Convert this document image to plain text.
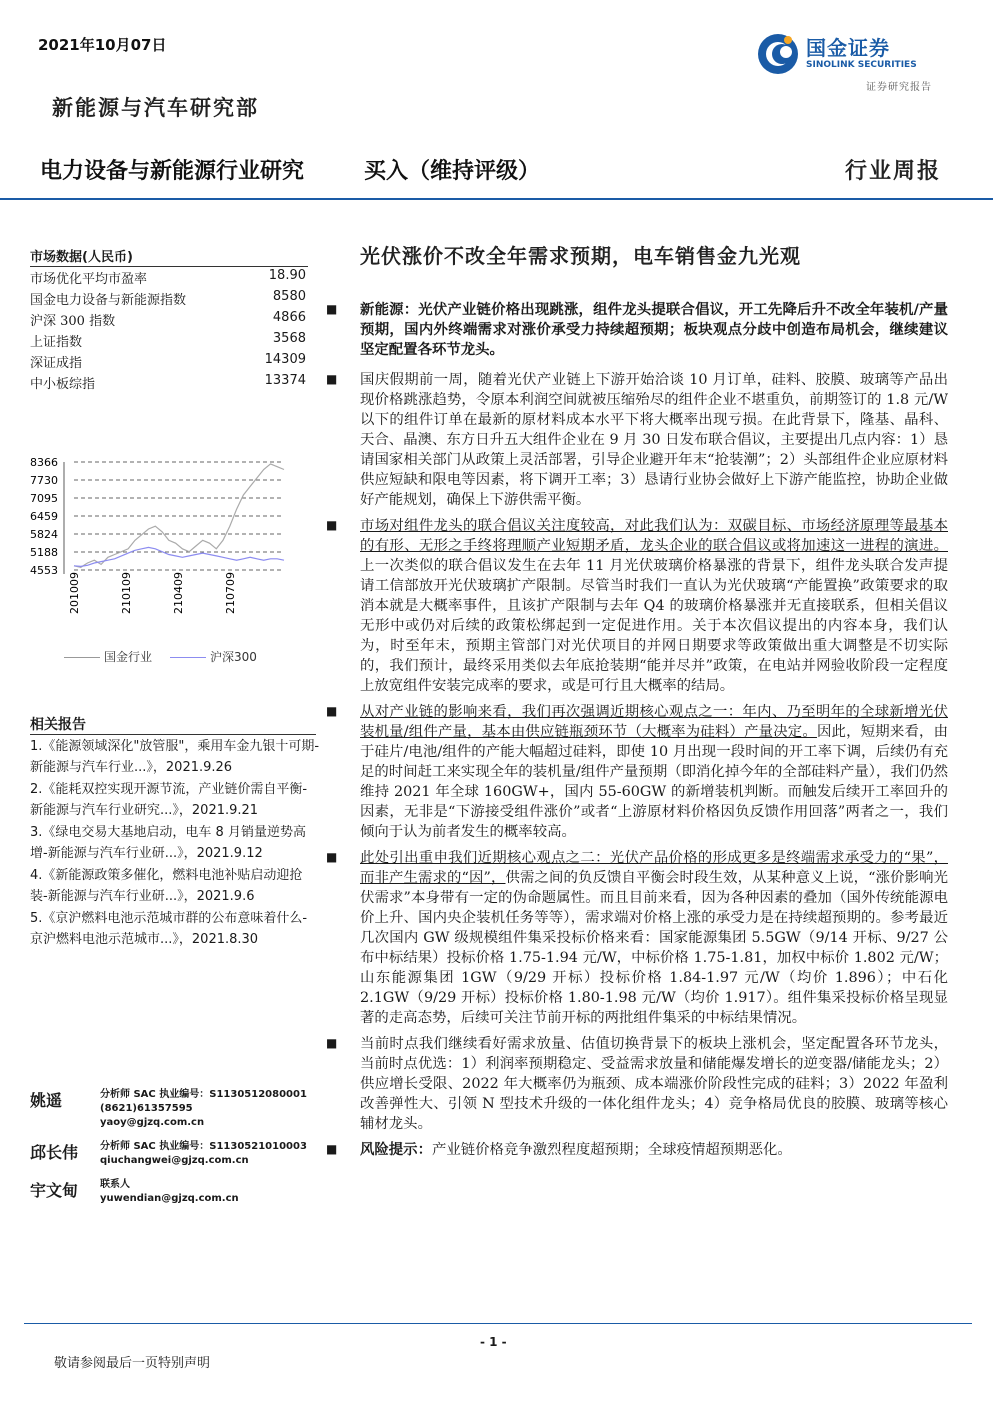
2021年10月07日	国金证券
SINOLINK SECURITIES
证券研究报告
新能源与汽车研究部
电力设备与新能源行业研究	买入（维持评级）	行业周报
市场数据(人民币)
市场优化平均市盈率	18.90
国金电力设备与新能源指数	8580
沪深 300 指数	4866
上证指数	3568
深证成指	14309
中小板综指	13374
8366
7730
7095
6459
5824
5188
4553
201009	210109	210409	210709
国金行业	沪深300
相关报告
1.《能源领域深化"放管服"，乘用车金九银十可期-新能源与汽车行业...》，2021.9.26
2.《能耗双控实现开源节流，产业链价需自平衡-新能源与汽车行业研究...》，2021.9.21
3.《绿电交易大基地启动，电车 8 月销量逆势高增-新能源与汽车行业研...》，2021.9.12
4.《新能源政策多催化，燃料电池补贴启动迎抢装-新能源与汽车行业研...》，2021.9.6
5.《京沪燃料电池示范城市群的公布意味着什么-京沪燃料电池示范城市...》，2021.8.30
姚遥	分析师 SAC 执业编号：S1130512080001
(8621)61357595
yaoy@gjzq.com.cn
邱长伟	分析师 SAC 执业编号：S1130521010003
qiuchangwei@gjzq.com.cn
宇文甸	联系人
yuwendian@gjzq.com.cn
光伏涨价不改全年需求预期，电车销售金九光观
■	新能源：光伏产业链价格出现跳涨，组件龙头提联合倡议，开工先降后升不改全年装机/产量预期，国内外终端需求对涨价承受力持续超预期；板块观点分歧中创造布局机会，继续建议坚定配置各环节龙头。
■	国庆假期前一周，随着光伏产业链上下游开始洽谈 10 月订单，硅料、胶膜、玻璃等产品出现价格跳涨趋势，令原本利润空间就被压缩殆尽的组件企业不堪重负，前期签订的 1.8 元/W 以下的组件订单在最新的原材料成本水平下将大概率出现亏损。在此背景下，隆基、晶科、天合、晶澳、东方日升五大组件企业在 9 月 30 日发布联合倡议，主要提出几点内容：1）恳请国家相关部门从政策上灵活部署，引导企业避开年末“抢装潮”；2）头部组件企业应原材料供应短缺和限电等因素，将下调开工率；3）恳请行业协会做好上下游产能监控，协助企业做好产能规划，确保上下游供需平衡。
■	市场对组件龙头的联合倡议关注度较高，对此我们认为：双碳目标、市场经济原理等最基本的有形、无形之手终将理顺产业短期矛盾，龙头企业的联合倡议或将加速这一进程的演进。上一次类似的联合倡议发生在去年 11 月光伏玻璃价格暴涨的背景下，组件龙头联合发声提请工信部放开光伏玻璃扩产限制。尽管当时我们一直认为光伏玻璃“产能置换”政策要求的取消本就是大概率事件，且该扩产限制与去年 Q4 的玻璃价格暴涨并无直接联系，但相关倡议无形中或仍对后续的政策松绑起到一定促进作用。关于本次倡议提出的内容本身，我们认为，时至年末，预期主管部门对光伏项目的并网日期要求等政策做出重大调整是不切实际的，我们预计，最终采用类似去年底抢装期“能并尽并”政策，在电站并网验收阶段一定程度上放宽组件安装完成率的要求，或是可行且大概率的结局。
■	从对产业链的影响来看，我们再次强调近期核心观点之一：年内、乃至明年的全球新增光伏装机量/组件产量，基本由供应链瓶颈环节（大概率为硅料）产量决定。因此，短期来看，由于硅片/电池/组件的产能大幅超过硅料，即使 10 月出现一段时间的开工率下调，后续仍有充足的时间赶工来实现全年的装机量/组件产量预期（即消化掉今年的全部硅料产量），我们仍然维持 2021 年全球 160GW+，国内 55-60GW 的新增装机判断。而触发后续开工率回升的因素，无非是“下游接受组件涨价”或者“上游原材料价格因负反馈作用回落”两者之一，我们倾向于认为前者发生的概率较高。
■	此处引出重申我们近期核心观点之二：光伏产品价格的形成更多是终端需求承受力的“果”，而非产生需求的“因”，供需之间的负反馈自平衡会时段生效，从某种意义上说，“涨价影响光伏需求”本身带有一定的伪命题属性。而且目前来看，因为各种因素的叠加（国外传统能源电价上升、国内央企装机任务等等），需求端对价格上涨的承受力是在持续超预期的。参考最近几次国内 GW 级规模组件集采投标价格来看：国家能源集团 5.5GW（9/14 开标、9/27 公布中标结果）投标价格 1.75-1.94 元/W，中标价格 1.75-1.81，加权中标价 1.802 元/W；山东能源集团 1GW（9/29 开标）投标价格 1.84-1.97 元/W（均价 1.896）；中石化 2.1GW（9/29 开标）投标价格 1.80-1.98 元/W（均价 1.917）。组件集采投标价格呈现显著的走高态势，后续可关注节前开标的两批组件集采的中标结果情况。
■	当前时点我们继续看好需求放量、估值切换背景下的板块上涨机会，坚定配置各环节龙头，当前时点优选：1）利润率预期稳定、受益需求放量和储能爆发增长的逆变器/储能龙头；2）供应增长受限、2022 年大概率仍为瓶颈、成本端涨价阶段性完成的硅料；3）2022 年盈利改善弹性大、引领 N 型技术升级的一体化组件龙头；4）竞争格局优良的胶膜、玻璃等核心辅材龙头。
■	风险提示：产业链价格竞争激烈程度超预期；全球疫情超预期恶化。
- 1 -
敬请参阅最后一页特别声明
